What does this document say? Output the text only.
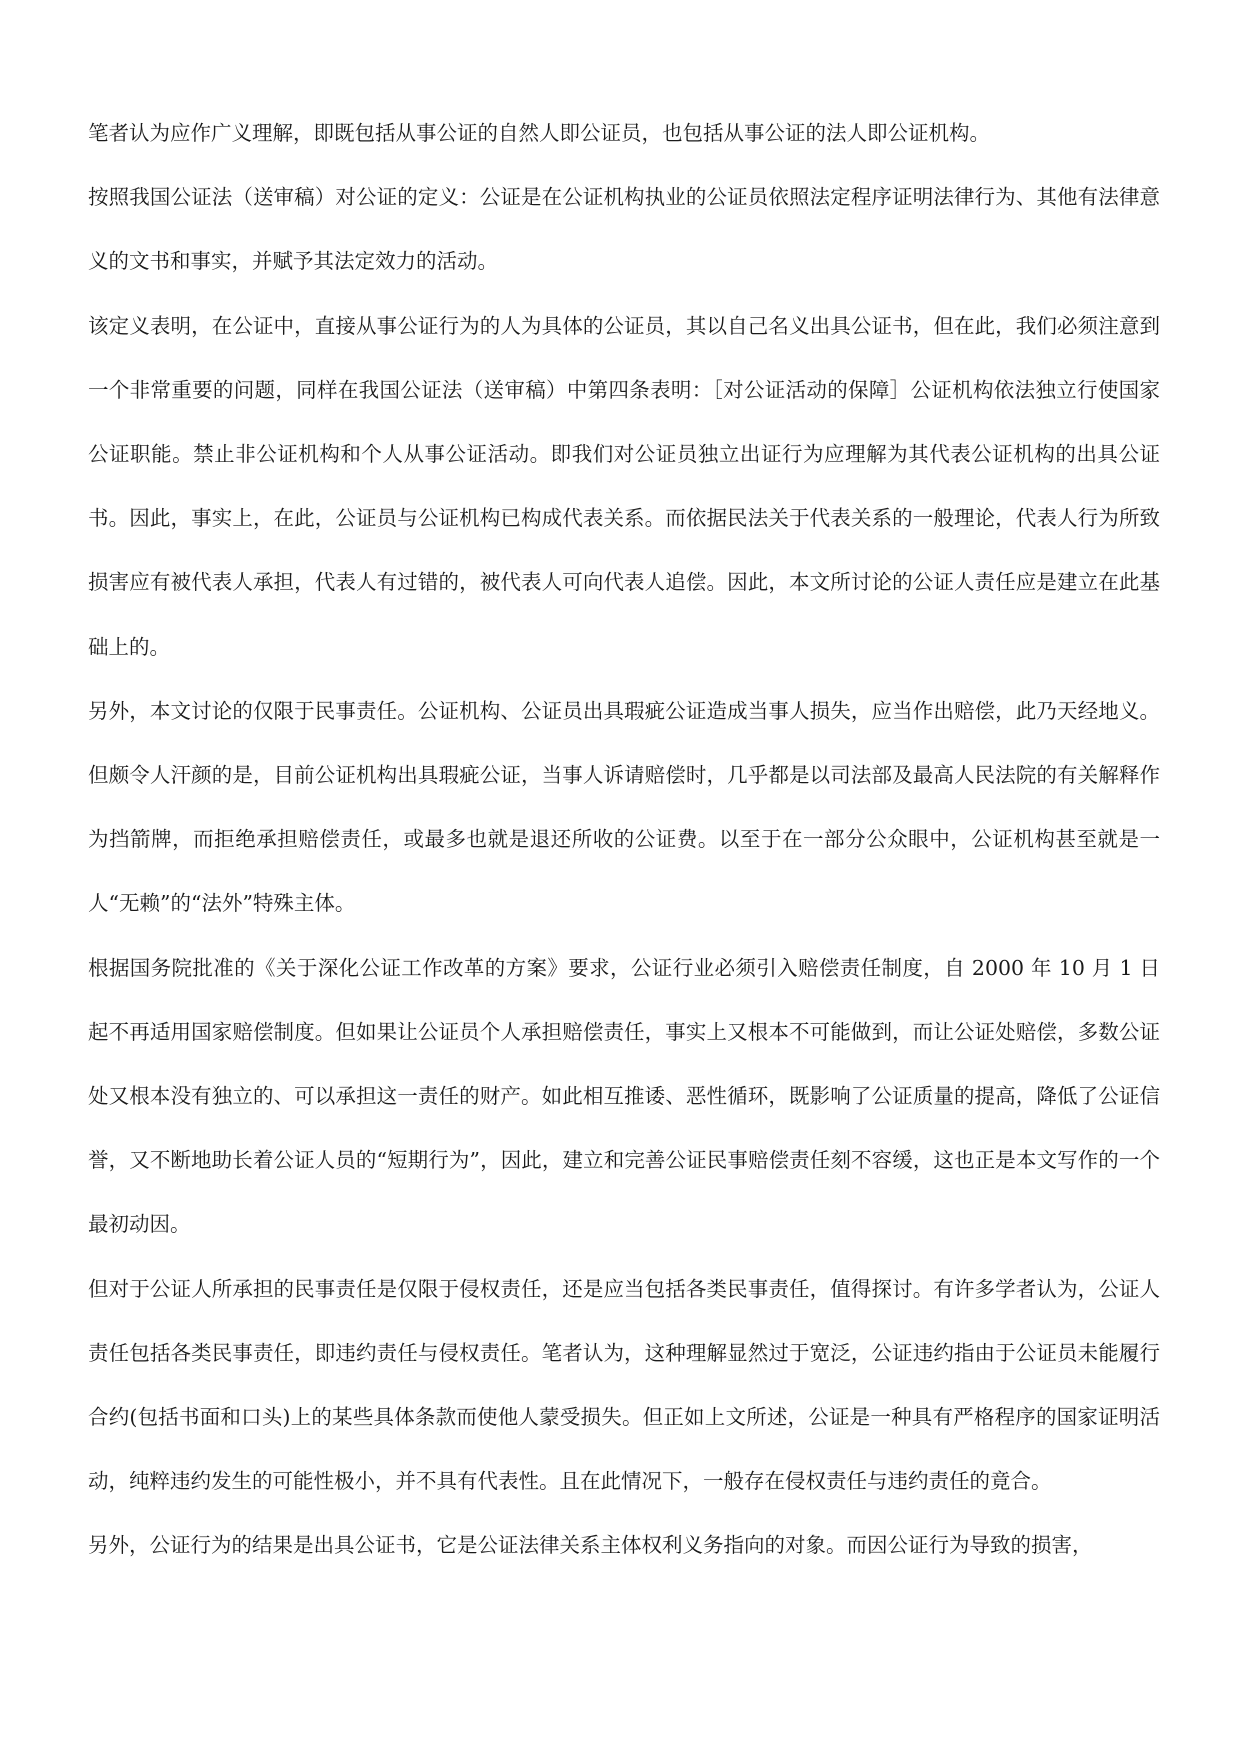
笔者认为应作广义理解，即既包括从事公证的自然人即公证员，也包括从事公证的法人即公证机构。

按照我国公证法（送审稿）对公证的定义：公证是在公证机构执业的公证员依照法定程序证明法律行为、其他有法律意义的文书和事实，并赋予其法定效力的活动。

该定义表明，在公证中，直接从事公证行为的人为具体的公证员，其以自己名义出具公证书，但在此，我们必须注意到一个非常重要的问题，同样在我国公证法（送审稿）中第四条表明：［对公证活动的保障］公证机构依法独立行使国家公证职能。禁止非公证机构和个人从事公证活动。即我们对公证员独立出证行为应理解为其代表公证机构的出具公证书。因此，事实上，在此，公证员与公证机构已构成代表关系。而依据民法关于代表关系的一般理论，代表人行为所致损害应有被代表人承担，代表人有过错的，被代表人可向代表人追偿。因此，本文所讨论的公证人责任应是建立在此基础上的。

另外，本文讨论的仅限于民事责任。公证机构、公证员出具瑕疵公证造成当事人损失，应当作出赔偿，此乃天经地义。但颇令人汗颜的是，目前公证机构出具瑕疵公证，当事人诉请赔偿时，几乎都是以司法部及最高人民法院的有关解释作为挡箭牌，而拒绝承担赔偿责任，或最多也就是退还所收的公证费。以至于在一部分公众眼中，公证机构甚至就是一人“无赖”的“法外”特殊主体。

根据国务院批准的《关于深化公证工作改革的方案》要求，公证行业必须引入赔偿责任制度，自 2000 年 10 月 1 日起不再适用国家赔偿制度。但如果让公证员个人承担赔偿责任，事实上又根本不可能做到，而让公证处赔偿，多数公证处又根本没有独立的、可以承担这一责任的财产。如此相互推诿、恶性循环，既影响了公证质量的提高，降低了公证信誉，又不断地助长着公证人员的“短期行为”，因此，建立和完善公证民事赔偿责任刻不容缓，这也正是本文写作的一个最初动因。

但对于公证人所承担的民事责任是仅限于侵权责任，还是应当包括各类民事责任，值得探讨。有许多学者认为，公证人责任包括各类民事责任，即违约责任与侵权责任。笔者认为，这种理解显然过于宽泛，公证违约指由于公证员未能履行合约(包括书面和口头)上的某些具体条款而使他人蒙受损失。但正如上文所述，公证是一种具有严格程序的国家证明活动，纯粹违约发生的可能性极小，并不具有代表性。且在此情况下，一般存在侵权责任与违约责任的竟合。

另外，公证行为的结果是出具公证书，它是公证法律关系主体权利义务指向的对象。而因公证行为导致的损害，
